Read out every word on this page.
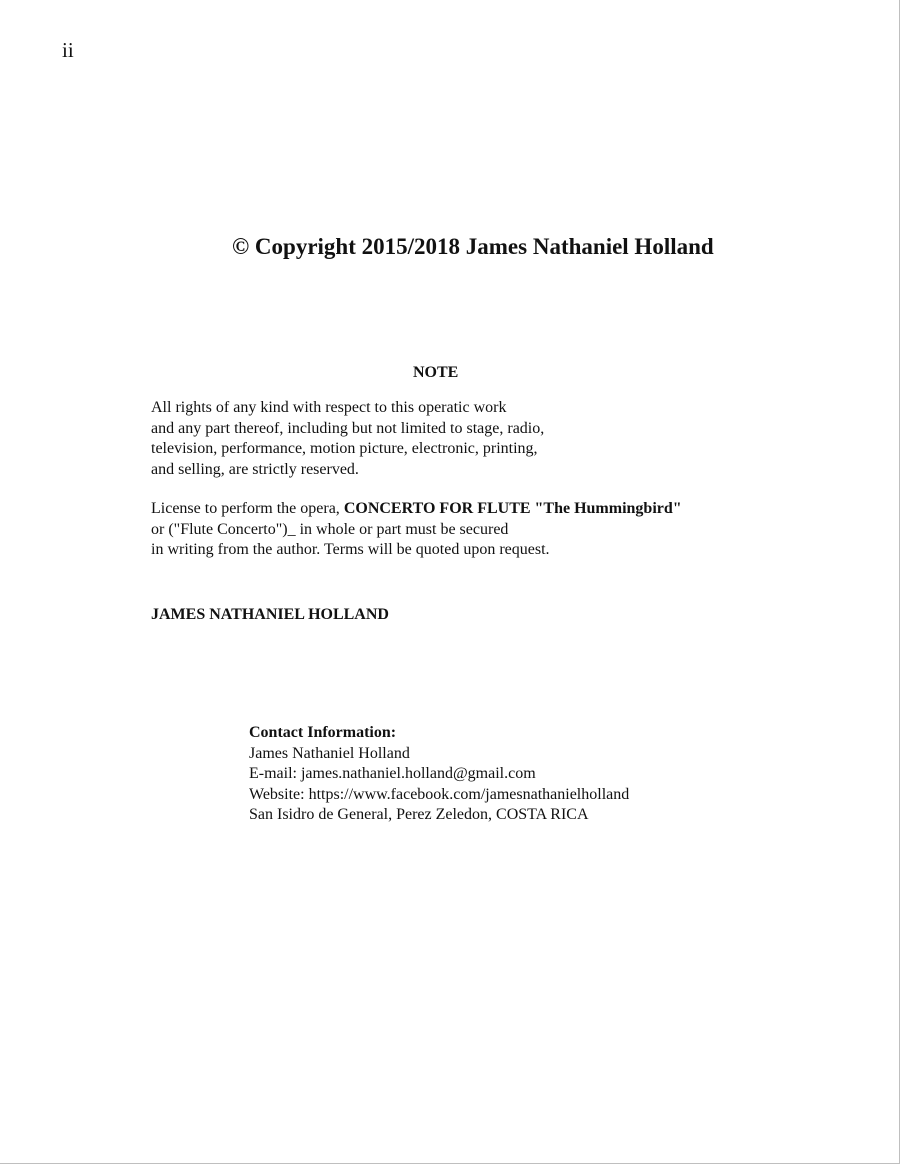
ii
© Copyright 2015/2018 James Nathaniel Holland
NOTE
All rights of any kind with respect to this operatic work
and any part thereof, including but not limited to stage, radio,
television, performance, motion picture, electronic, printing,
and selling, are strictly reserved.
License to perform the opera, CONCERTO FOR FLUTE "The Hummingbird"
or ("Flute Concerto")_ in whole or part must be secured
in writing from the author. Terms will be quoted upon request.
JAMES NATHANIEL HOLLAND
Contact Information:
James Nathaniel Holland
E-mail: james.nathaniel.holland@gmail.com
Website: https://www.facebook.com/jamesnathanielholland
San Isidro de General, Perez Zeledon, COSTA RICA
